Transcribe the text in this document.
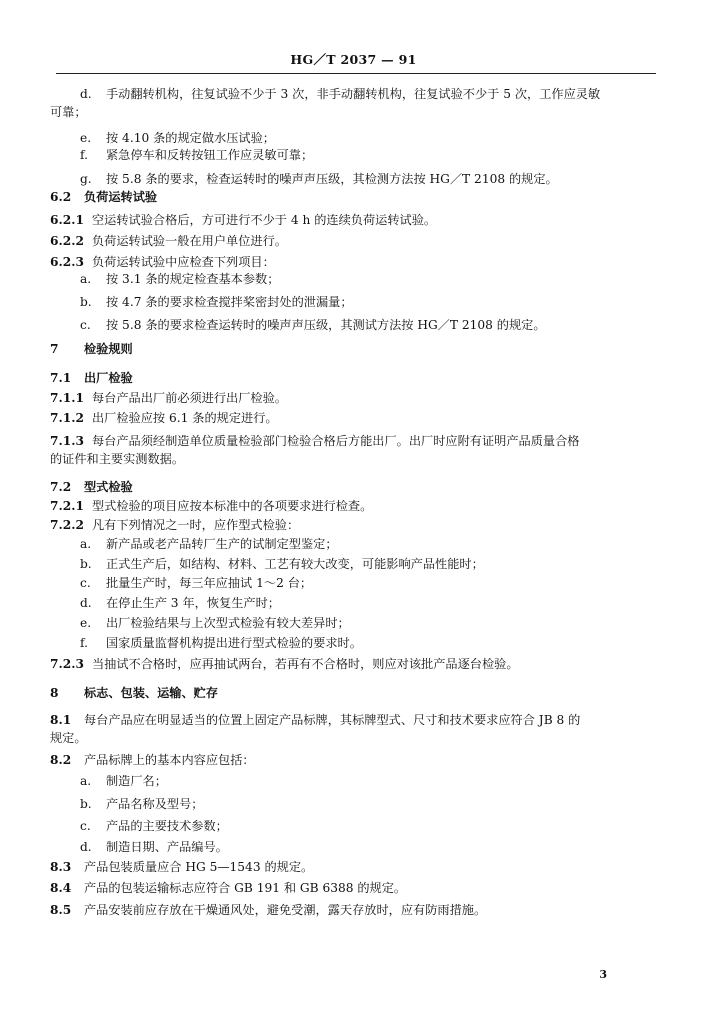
HG／T 2037 — 91
d. 手动翻转机构，往复试验不少于 3 次，非手动翻转机构，往复试验不少于 5 次，工作应灵敏
可靠；
e. 按 4.10 条的规定做水压试验；
f. 紧急停车和反转按钮工作应灵敏可靠；
g. 按 5.8 条的要求，检查运转时的噪声声压级，其检测方法按 HG／T 2108 的规定。
6.2 负荷运转试验
6.2.1 空运转试验合格后，方可进行不少于 4 h 的连续负荷运转试验。
6.2.2 负荷运转试验一般在用户单位进行。
6.2.3 负荷运转试验中应检查下列项目：
a. 按 3.1 条的规定检查基本参数；
b. 按 4.7 条的要求检查搅拌桨密封处的泄漏量；
c. 按 5.8 条的要求检查运转时的噪声声压级，其测试方法按 HG／T 2108 的规定。
7 检验规则
7.1 出厂检验
7.1.1 每台产品出厂前必须进行出厂检验。
7.1.2 出厂检验应按 6.1 条的规定进行。
7.1.3 每台产品须经制造单位质量检验部门检验合格后方能出厂。出厂时应附有证明产品质量合格
的证件和主要实测数据。
7.2 型式检验
7.2.1 型式检验的项目应按本标准中的各项要求进行检查。
7.2.2 凡有下列情况之一时，应作型式检验：
a. 新产品或老产品转厂生产的试制定型鉴定；
b. 正式生产后，如结构、材料、工艺有较大改变，可能影响产品性能时；
c. 批量生产时，每三年应抽试 1～2 台；
d. 在停止生产 3 年，恢复生产时；
e. 出厂检验结果与上次型式检验有较大差异时；
f. 国家质量监督机构提出进行型式检验的要求时。
7.2.3 当抽试不合格时，应再抽试两台，若再有不合格时，则应对该批产品逐台检验。
8 标志、包装、运输、贮存
8.1 每台产品应在明显适当的位置上固定产品标牌，其标牌型式、尺寸和技术要求应符合 JB 8 的
规定。
8.2 产品标牌上的基本内容应包括：
a. 制造厂名；
b. 产品名称及型号；
c. 产品的主要技术参数；
d. 制造日期、产品编号。
8.3 产品包装质量应合 HG 5—1543 的规定。
8.4 产品的包装运输标志应符合 GB 191 和 GB 6388 的规定。
8.5 产品安装前应存放在干燥通风处，避免受潮，露天存放时，应有防雨措施。
3
